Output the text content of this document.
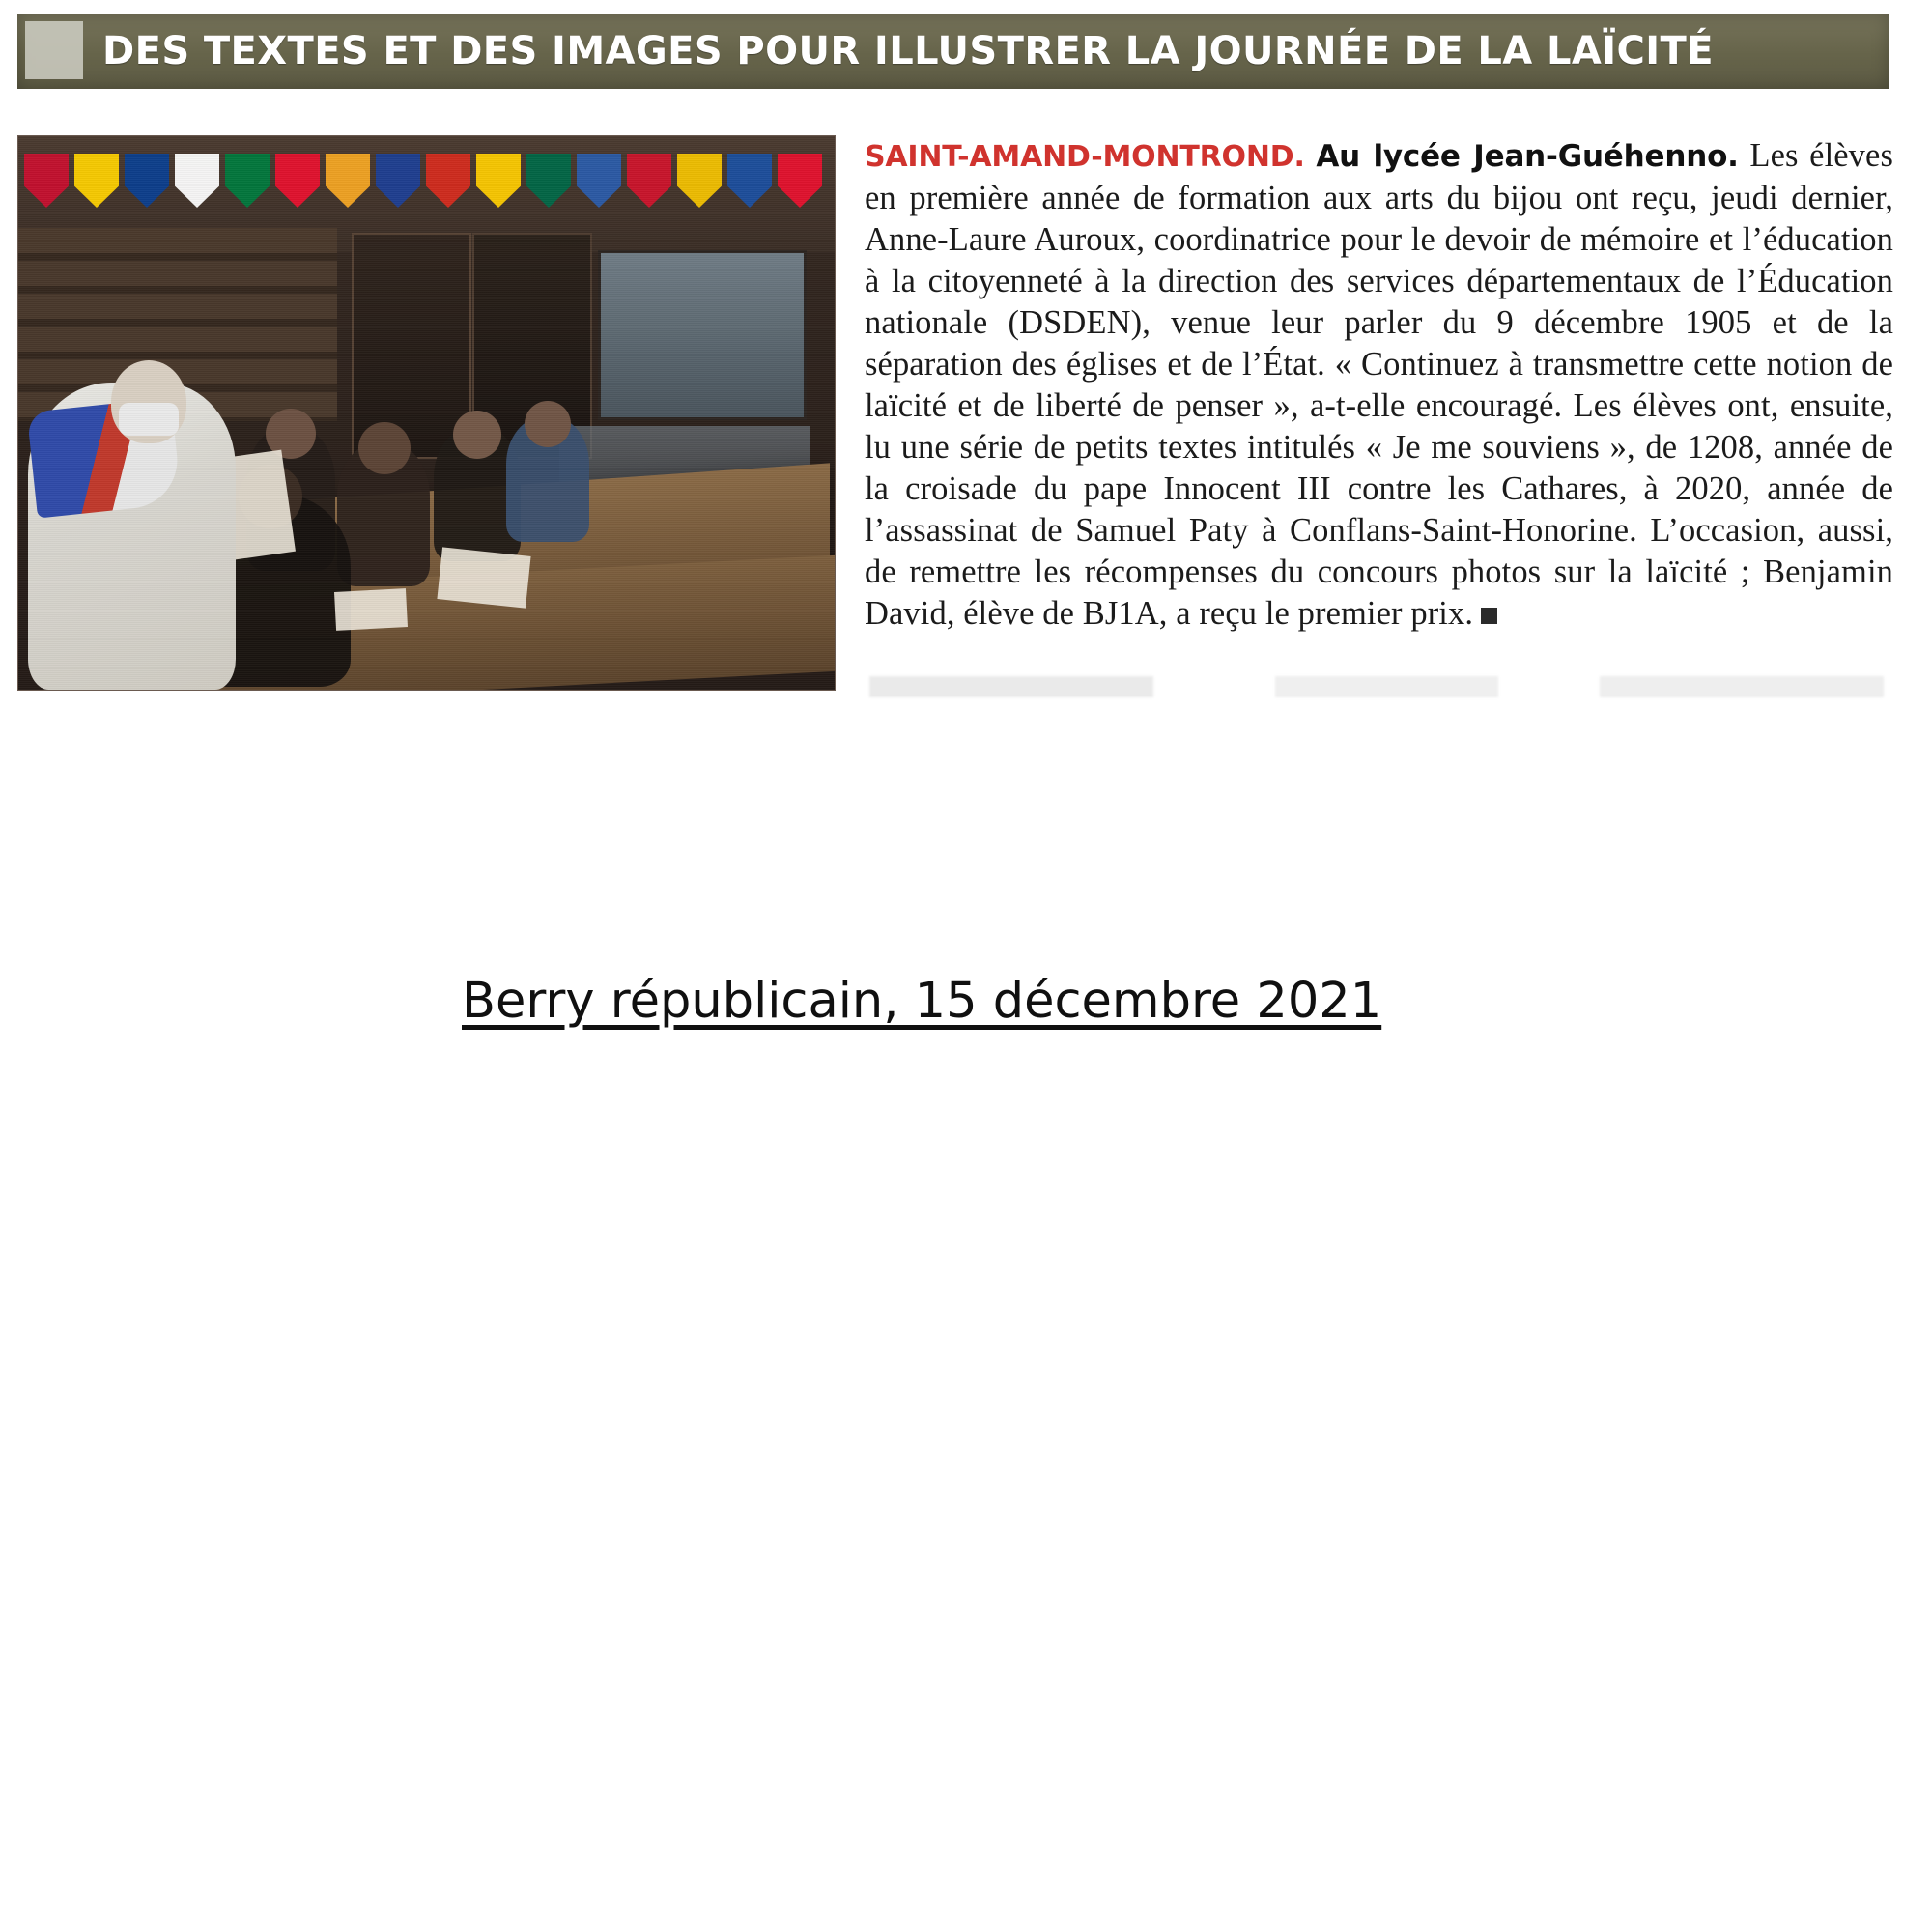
DES TEXTES ET DES IMAGES POUR ILLUSTRER LA JOURNÉE DE LA LAÏCITÉ

SAINT-AMAND-MONTROND. Au lycée Jean-Guéhenno. Les élèves en première année de formation aux arts du bijou ont reçu, jeudi dernier, Anne-Laure Auroux, coordinatrice pour le devoir de mémoire et l’éducation à la citoyenneté à la direction des services départementaux de l’Éducation nationale (DSDEN), venue leur parler du 9 décembre 1905 et de la séparation des églises et de l’État. « Continuez à transmettre cette notion de laïcité et de liberté de penser », a-t-elle encouragé. Les élèves ont, ensuite, lu une série de petits textes intitulés « Je me souviens », de 1208, année de la croisade du pape Innocent III contre les Cathares, à 2020, année de l’assassinat de Samuel Paty à Conflans-Saint-Honorine. L’occasion, aussi, de remettre les récompenses du concours photos sur la laïcité ; Benjamin David, élève de BJ1A, a reçu le premier prix.

Berry républicain, 15 décembre 2021
